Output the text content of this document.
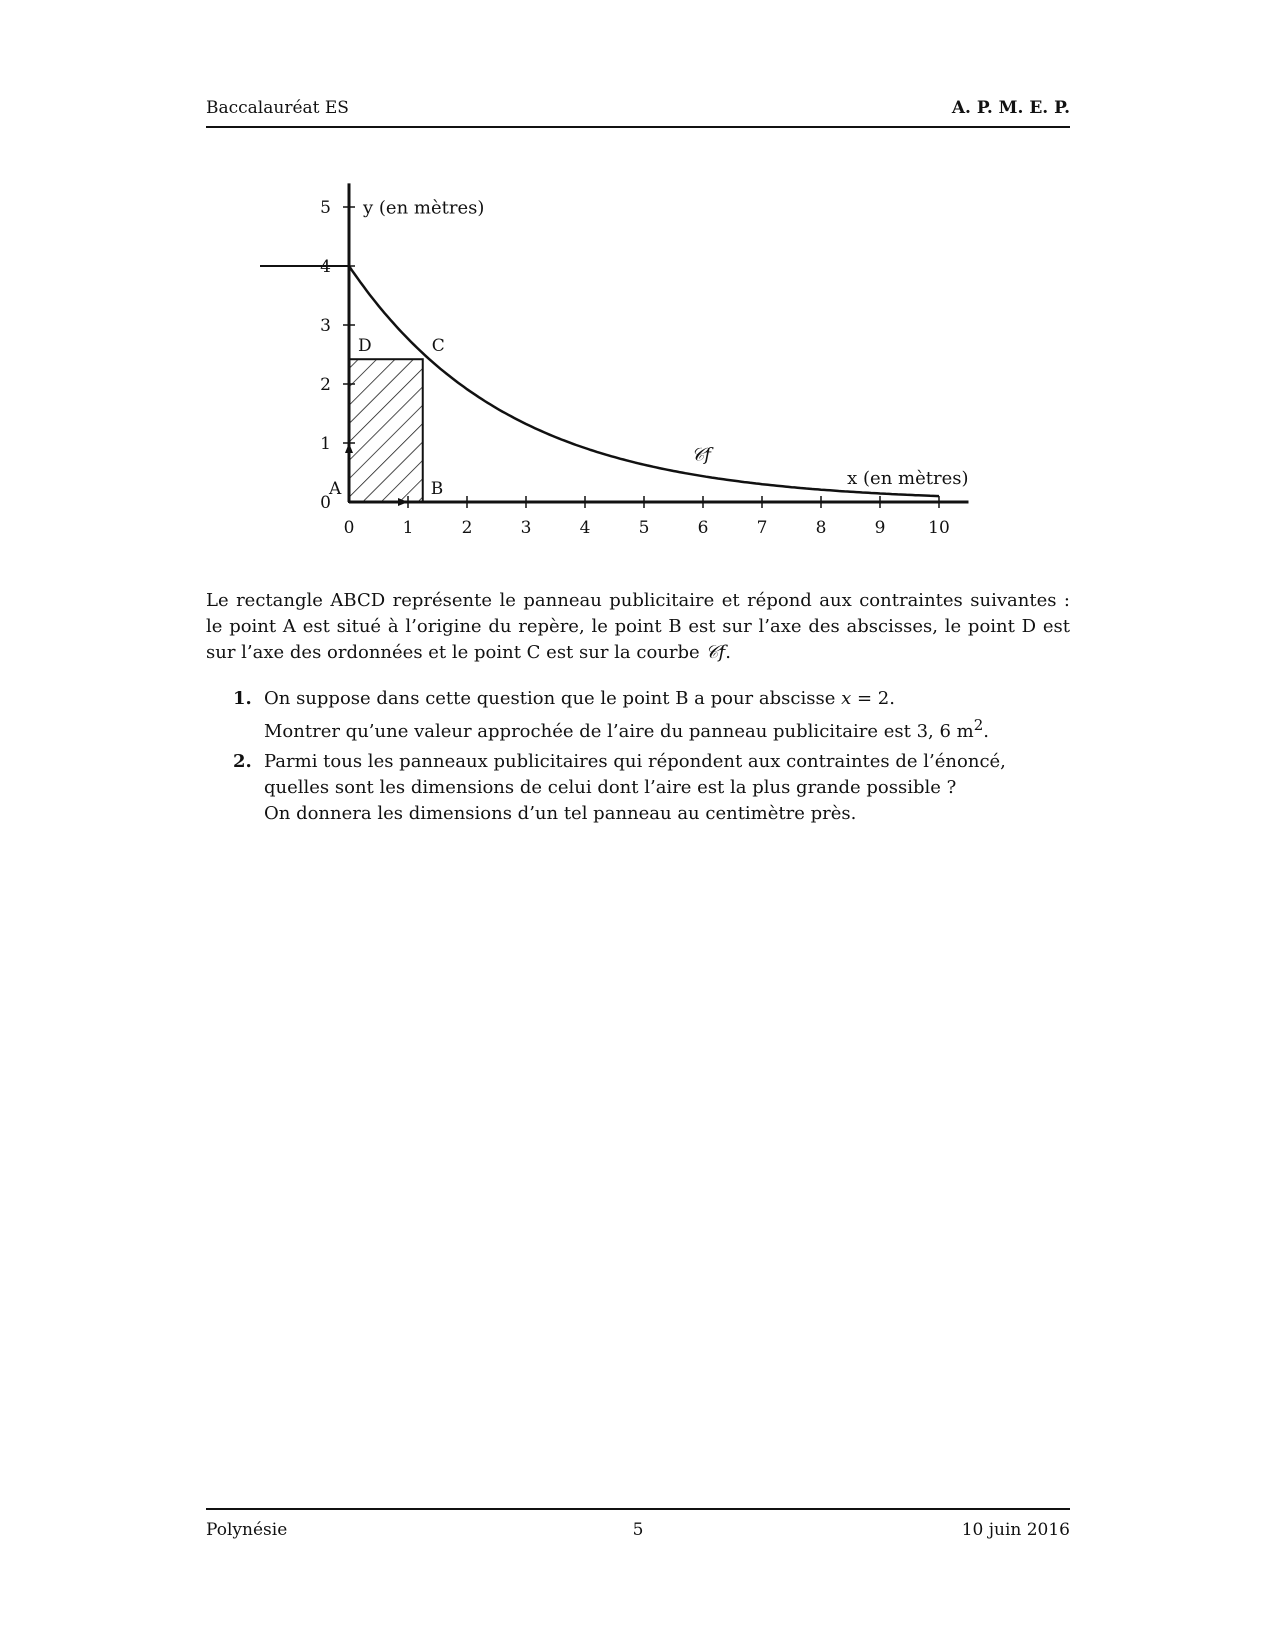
Baccalauréat ES	A. P. M. E. P.
0	1	2	3	4	5	6	7	8	9	10
0
1
2
3
4
5 y (en mètres)
x (en mètres)
𝒞f
A	B
C
D
Le rectangle ABCD représente le panneau publicitaire et répond aux contraintes suivantes : le point A est situé à l’origine du repère, le point B est sur l’axe des abscisses, le point D est sur l’axe des ordonnées et le point C est sur la courbe 𝒞f.
1. On suppose dans cette question que le point B a pour abscisse x = 2.
Montrer qu’une valeur approchée de l’aire du panneau publicitaire est 3, 6 $m^2$.
2. Parmi tous les panneaux publicitaires qui répondent aux contraintes de l’énoncé, quelles sont les dimensions de celui dont l’aire est la plus grande possible ?
On donnera les dimensions d’un tel panneau au centimètre près.
Polynésie	5	10 juin 2016
